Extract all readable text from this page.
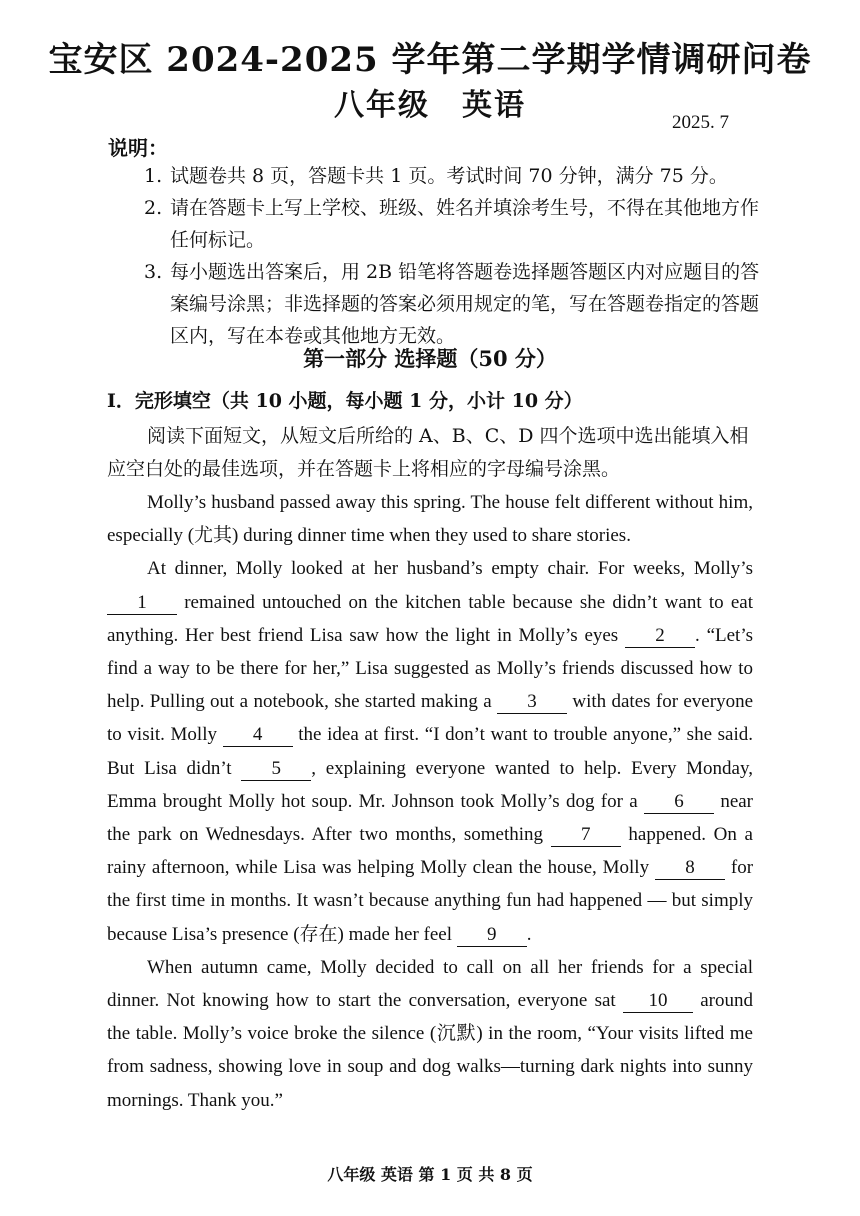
宝安区 2024-2025 学年第二学期学情调研问卷
八年级　英语	2025. 7
说明：
1. 试题卷共 8 页，答题卡共 1 页。考试时间 70 分钟，满分 75 分。
2. 请在答题卡上写上学校、班级、姓名并填涂考生号，不得在其他地方作任何标记。
3. 每小题选出答案后，用 2B 铅笔将答题卷选择题答题区内对应题目的答案编号涂黑；非选择题的答案必须用规定的笔，写在答题卷指定的答题区内，写在本卷或其他地方无效。
第一部分 选择题（50 分）
I．完形填空（共 10 小题，每小题 1 分，小计 10 分）
阅读下面短文，从短文后所给的 A、B、C、D 四个选项中选出能填入相应空白处的最佳选项，并在答题卡上将相应的字母编号涂黑。

Molly’s husband passed away this spring. The house felt different without him, especially (尤其) during dinner time when they used to share stories.

At dinner, Molly looked at her husband’s empty chair. For weeks, Molly’s 1 remained untouched on the kitchen table because she didn’t want to eat anything. Her best friend Lisa saw how the light in Molly’s eyes 2 . “Let’s find a way to be there for her,” Lisa suggested as Molly’s friends discussed how to help. Pulling out a notebook, she started making a 3 with dates for everyone to visit. Molly 4 the idea at first. “I don’t want to trouble anyone,” she said. But Lisa didn’t 5 , explaining everyone wanted to help. Every Monday, Emma brought Molly hot soup. Mr. Johnson took Molly’s dog for a 6 near the park on Wednesdays. After two months, something 7 happened. On a rainy afternoon, while Lisa was helping Molly clean the house, Molly 8 for the first time in months. It wasn’t because anything fun had happened — but simply because Lisa’s presence (存在) made her feel 9 .

When autumn came, Molly decided to call on all her friends for a special dinner. Not knowing how to start the conversation, everyone sat 10 around the table. Molly’s voice broke the silence (沉默) in the room, “Your visits lifted me from sadness, showing love in soup and dog walks—turning dark nights into sunny mornings. Thank you.”

八年级 英语 第 1 页 共 8 页
